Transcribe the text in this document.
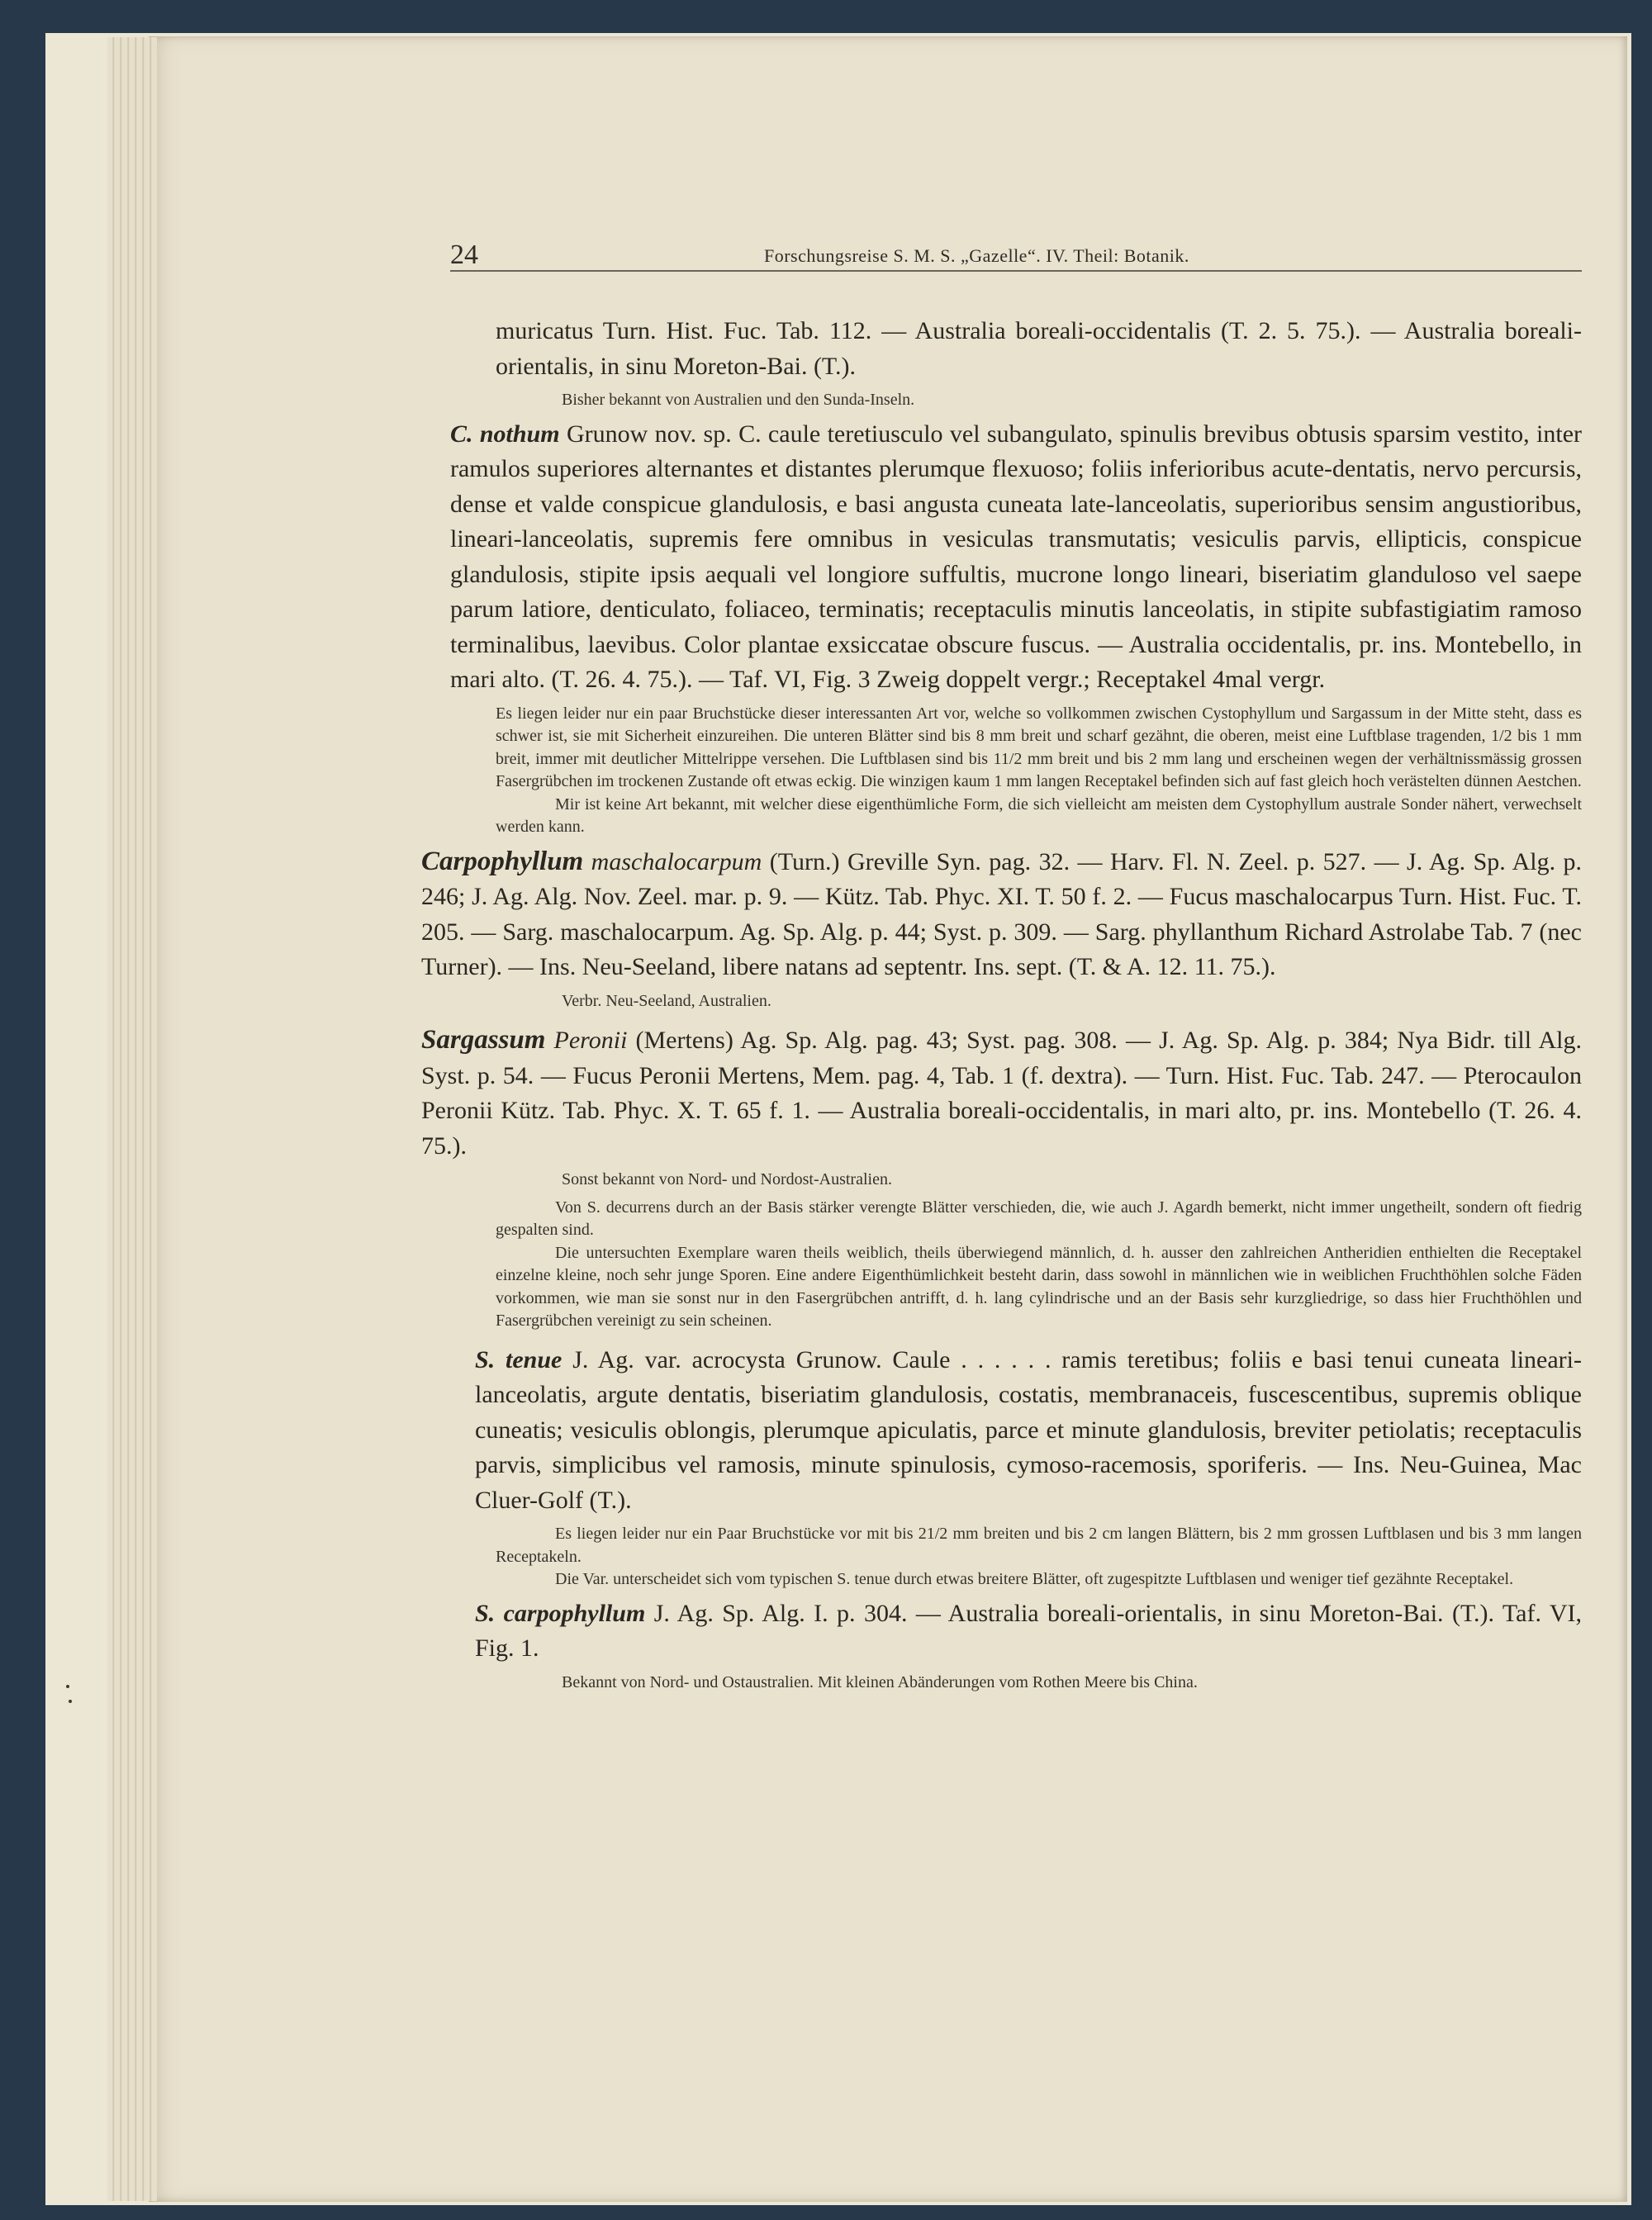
24	Forschungsreise S. M. S. „Gazelle“. IV. Theil: Botanik.

muricatus Turn. Hist. Fuc. Tab. 112. — Australia boreali-occidentalis (T. 2. 5. 75.). — Australia boreali-orientalis, in sinu Moreton-Bai. (T.).

Bisher bekannt von Australien und den Sunda-Inseln.

C. nothum Grunow nov. sp. C. caule teretiusculo vel subangulato, spinulis brevibus obtusis sparsim vestito, inter ramulos superiores alternantes et distantes plerumque flexuoso; foliis inferioribus acute-dentatis, nervo percursis, dense et valde conspicue glandulosis, e basi angusta cuneata late-lanceolatis, superioribus sensim angustioribus, lineari-lanceolatis, supremis fere omnibus in vesiculas transmutatis; vesiculis parvis, ellipticis, conspicue glandulosis, stipite ipsis aequali vel longiore suffultis, mucrone longo lineari, biseriatim glanduloso vel saepe parum latiore, denticulato, foliaceo, terminatis; receptaculis minutis lanceolatis, in stipite subfastigiatim ramoso terminalibus, laevibus. Color plantae exsiccatae obscure fuscus. — Australia occidentalis, pr. ins. Montebello, in mari alto. (T. 26. 4. 75.). — Taf. VI, Fig. 3 Zweig doppelt vergr.; Receptakel 4mal vergr.

Es liegen leider nur ein paar Bruchstücke dieser interessanten Art vor, welche so vollkommen zwischen Cystophyllum und Sargassum in der Mitte steht, dass es schwer ist, sie mit Sicherheit einzureihen. Die unteren Blätter sind bis 8 mm breit und scharf gezähnt, die oberen, meist eine Luftblase tragenden, 1/2 bis 1 mm breit, immer mit deutlicher Mittelrippe versehen. Die Luftblasen sind bis 11/2 mm breit und bis 2 mm lang und erscheinen wegen der verhältnissmässig grossen Fasergrübchen im trockenen Zustande oft etwas eckig. Die winzigen kaum 1 mm langen Receptakel befinden sich auf fast gleich hoch verästelten dünnen Aestchen.

Mir ist keine Art bekannt, mit welcher diese eigenthümliche Form, die sich vielleicht am meisten dem Cystophyllum australe Sonder nähert, verwechselt werden kann.

Carpophyllum maschalocarpum (Turn.) Greville Syn. pag. 32. — Harv. Fl. N. Zeel. p. 527. — J. Ag. Sp. Alg. p. 246; J. Ag. Alg. Nov. Zeel. mar. p. 9. — Kütz. Tab. Phyc. XI. T. 50 f. 2. — Fucus maschalocarpus Turn. Hist. Fuc. T. 205. — Sarg. maschalocarpum. Ag. Sp. Alg. p. 44; Syst. p. 309. — Sarg. phyllanthum Richard Astrolabe Tab. 7 (nec Turner). — Ins. Neu-Seeland, libere natans ad septentr. Ins. sept. (T. & A. 12. 11. 75.).

Verbr. Neu-Seeland, Australien.

Sargassum Peronii (Mertens) Ag. Sp. Alg. pag. 43; Syst. pag. 308. — J. Ag. Sp. Alg. p. 384; Nya Bidr. till Alg. Syst. p. 54. — Fucus Peronii Mertens, Mem. pag. 4, Tab. 1 (f. dextra). — Turn. Hist. Fuc. Tab. 247. — Pterocaulon Peronii Kütz. Tab. Phyc. X. T. 65 f. 1. — Australia boreali-occidentalis, in mari alto, pr. ins. Montebello (T. 26. 4. 75.).

Sonst bekannt von Nord- und Nordost-Australien.

Von S. decurrens durch an der Basis stärker verengte Blätter verschieden, die, wie auch J. Agardh bemerkt, nicht immer ungetheilt, sondern oft fiedrig gespalten sind.

Die untersuchten Exemplare waren theils weiblich, theils überwiegend männlich, d. h. ausser den zahlreichen Antheridien enthielten die Receptakel einzelne kleine, noch sehr junge Sporen. Eine andere Eigenthümlichkeit besteht darin, dass sowohl in männlichen wie in weiblichen Fruchthöhlen solche Fäden vorkommen, wie man sie sonst nur in den Fasergrübchen antrifft, d. h. lang cylindrische und an der Basis sehr kurzgliedrige, so dass hier Fruchthöhlen und Fasergrübchen vereinigt zu sein scheinen.

S. tenue J. Ag. var. acrocysta Grunow. Caule . . . . . . ramis teretibus; foliis e basi tenui cuneata lineari-lanceolatis, argute dentatis, biseriatim glandulosis, costatis, membranaceis, fuscescentibus, supremis oblique cuneatis; vesiculis oblongis, plerumque apiculatis, parce et minute glandulosis, breviter petiolatis; receptaculis parvis, simplicibus vel ramosis, minute spinulosis, cymoso-racemosis, sporiferis. — Ins. Neu-Guinea, Mac Cluer-Golf (T.).

Es liegen leider nur ein Paar Bruchstücke vor mit bis 21/2 mm breiten und bis 2 cm langen Blättern, bis 2 mm grossen Luftblasen und bis 3 mm langen Receptakeln.

Die Var. unterscheidet sich vom typischen S. tenue durch etwas breitere Blätter, oft zugespitzte Luftblasen und weniger tief gezähnte Receptakel.

S. carpophyllum J. Ag. Sp. Alg. I. p. 304. — Australia boreali-orientalis, in sinu Moreton-Bai. (T.). Taf. VI, Fig. 1.

Bekannt von Nord- und Ostaustralien. Mit kleinen Abänderungen vom Rothen Meere bis China.
